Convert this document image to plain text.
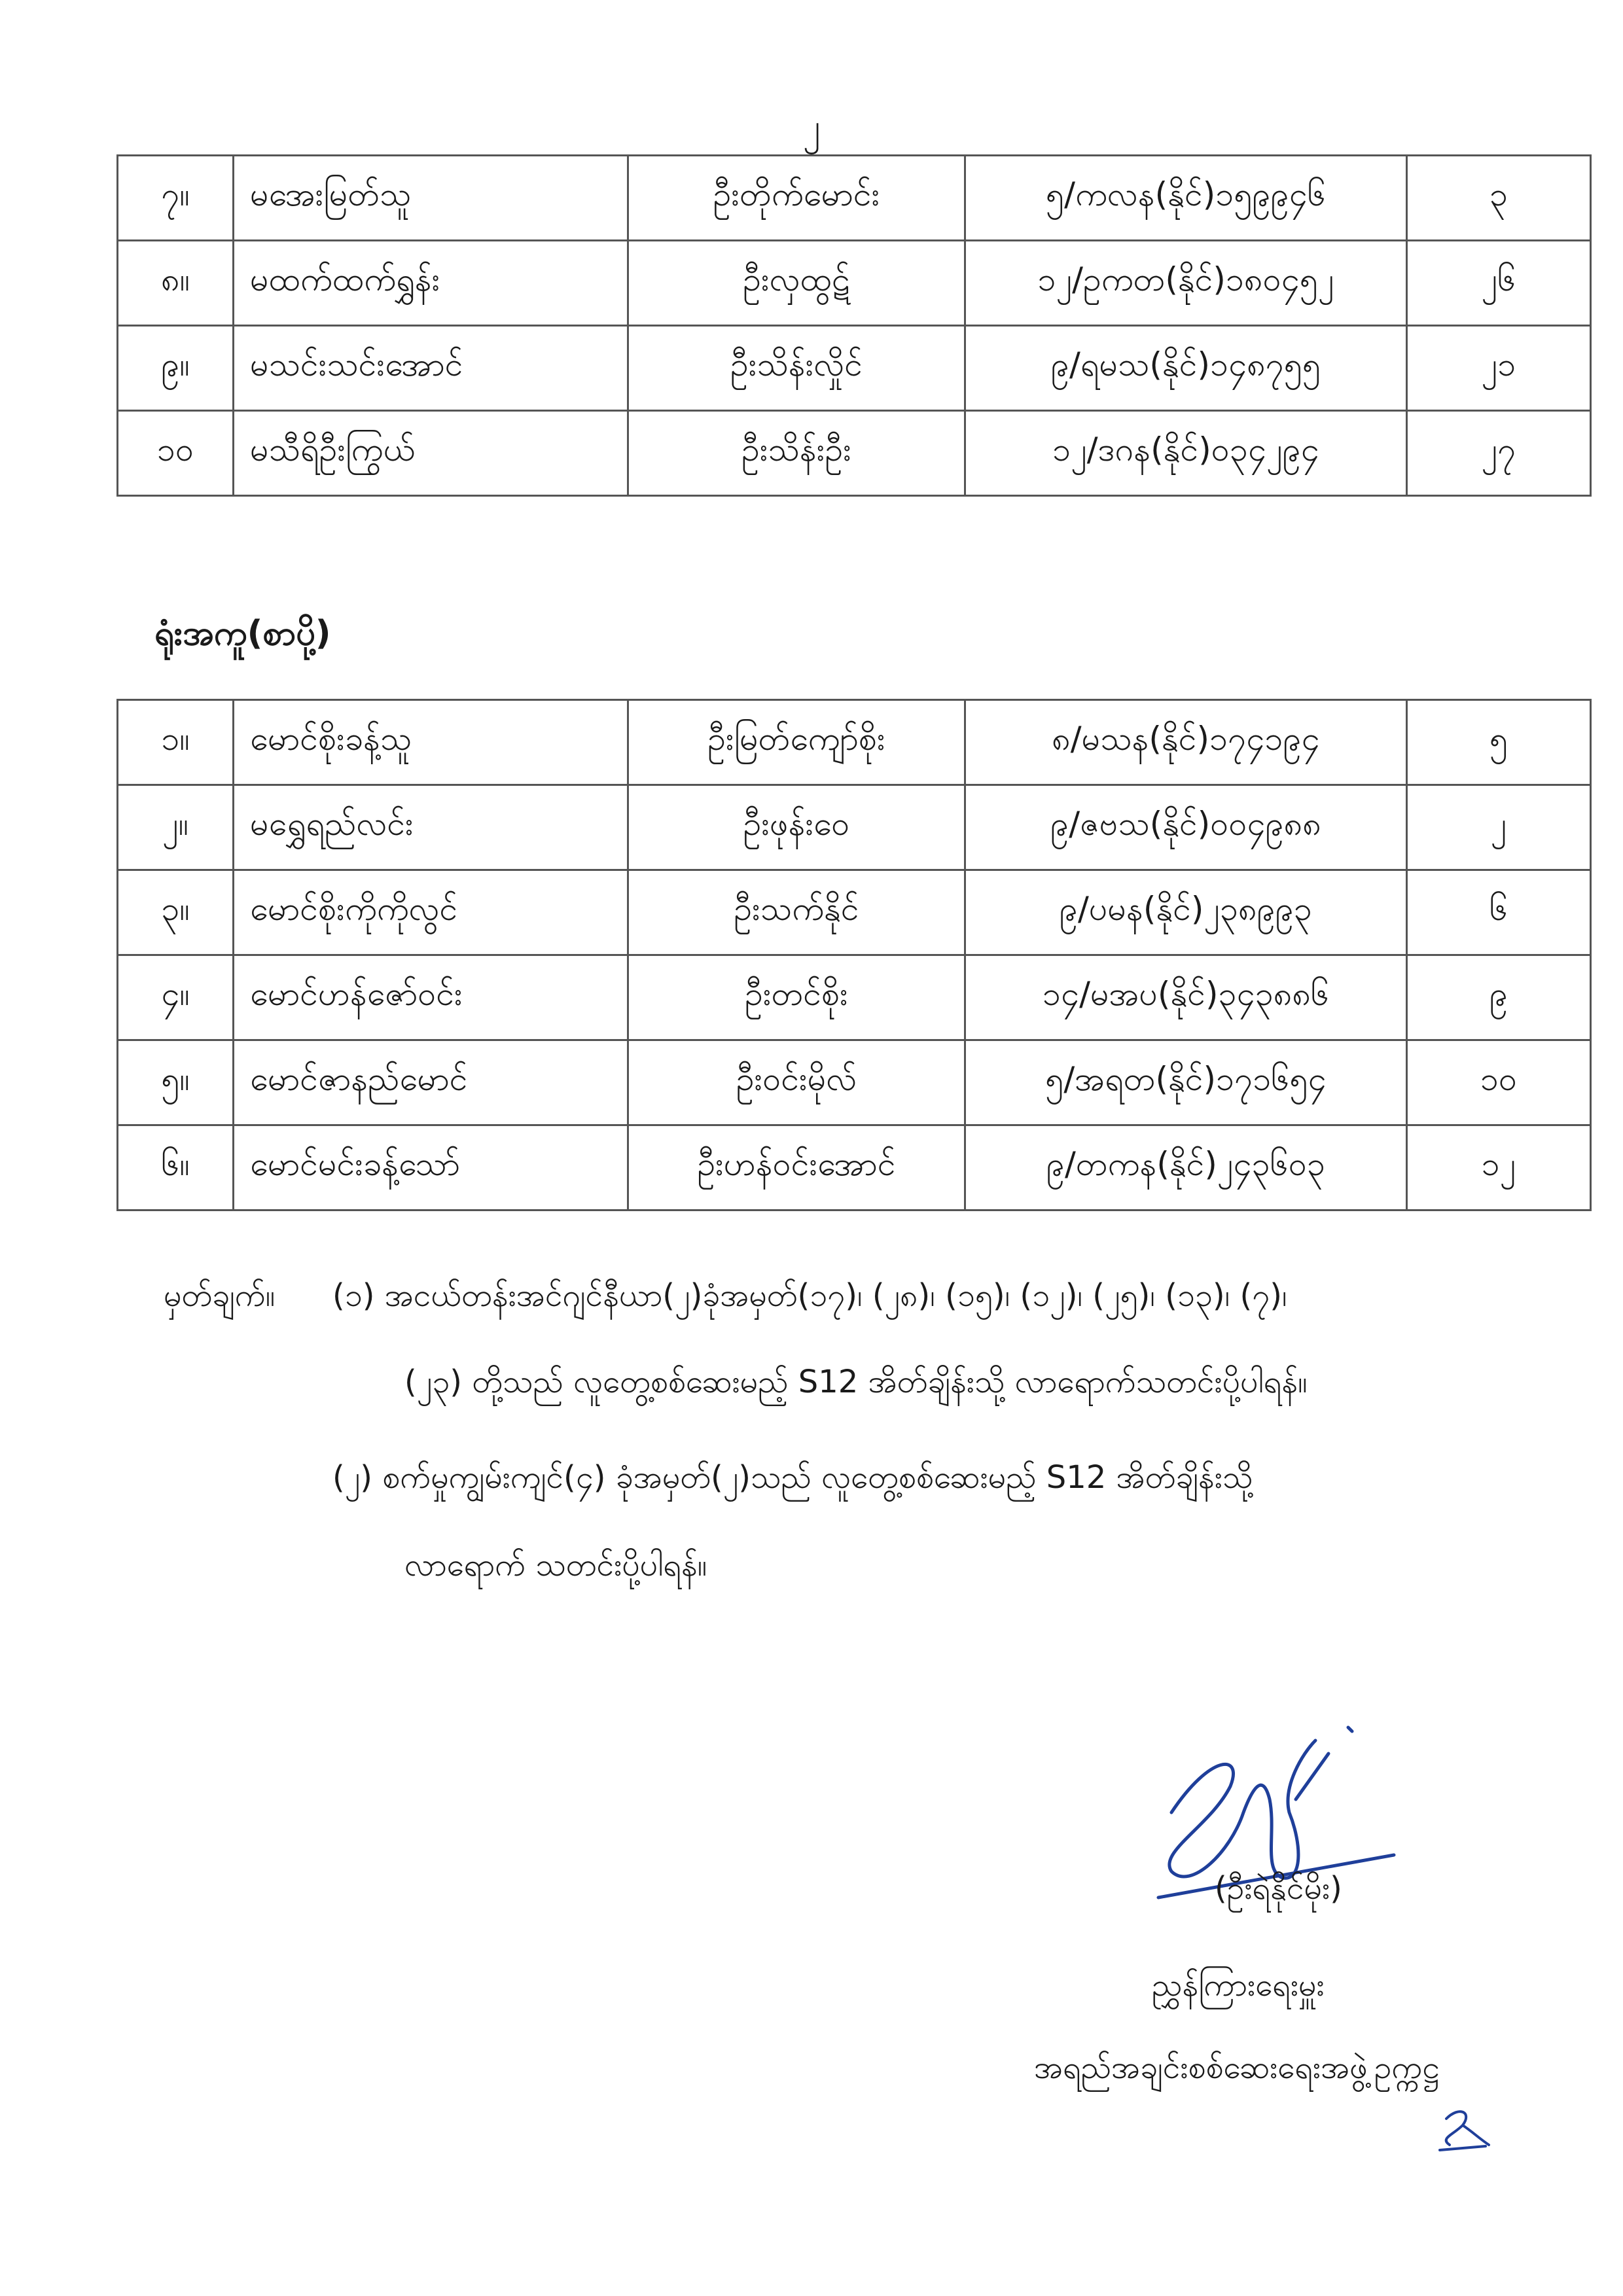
၂
၇။	မအေးမြတ်သူ	ဦးတိုက်မောင်း	၅/ကလန(နိုင်)၁၅၉၉၄၆	၃
၈။	မထက်ထက်ရွှန်း	ဦးလှထွဋ်	၁၂/ဥကတ(နိုင်)၁၈၀၄၅၂	၂၆
၉။	မသင်းသင်းအောင်	ဦးသိန်းလှိုင်	၉/ရမသ(နိုင်)၁၄၈၇၅၅	၂၁
၁၀	မသီရိဦးကြွယ်	ဦးသိန်းဦး	၁၂/ဒဂန(နိုင်)၀၃၄၂၉၄	၂၇
ရုံးအကူ(စာပို့)
၁။	မောင်စိုးခန့်သူ	ဦးမြတ်ကျော်စိုး	၈/မသန(နိုင်)၁၇၄၁၉၄	၅
၂။	မရွှေရည်လင်း	ဦးဖုန်းဝေ	၉/ဇဗသ(နိုင်)၀၀၄၉၈၈	၂
၃။	မောင်စိုးကိုကိုလွင်	ဦးသက်နိုင်	၉/ပမန(နိုင်)၂၃၈၉၉၃	၆
၄။	မောင်ဟန်ဇော်ဝင်း	ဦးတင်စိုး	၁၄/မအပ(နိုင်)၃၄၃၈၈၆	၉
၅။	မောင်ဇာနည်မောင်	ဦးဝင်းမိုလ်	၅/အရတ(နိုင်)၁၇၁၆၅၄	၁၀
၆။	မောင်မင်းခန့်သော်	ဦးဟန်ဝင်းအောင်	၉/တကန(နိုင်)၂၄၃၆၀၃	၁၂
မှတ်ချက်။ (၁) အငယ်တန်းအင်ဂျင်နီယာ(၂)ခုံအမှတ်(၁၇)၊ (၂၈)၊ (၁၅)၊ (၁၂)၊ (၂၅)၊ (၁၃)၊ (၇)၊
(၂၃) တို့သည် လူတွေ့စစ်ဆေးမည့် S12 အိတ်ချိန်းသို့ လာရောက်သတင်းပို့ပါရန်။
(၂) စက်မှုကျွမ်းကျင်(၄) ခုံအမှတ်(၂)သည် လူတွေ့စစ်ဆေးမည့် S12 အိတ်ချိန်းသို့
လာရောက် သတင်းပို့ပါရန်။
(ဦးရဲနိုင်မိုး)
ညွှန်ကြားရေးမှူး
အရည်အချင်းစစ်ဆေးရေးအဖွဲ့ဥက္ကဋ္ဌ
